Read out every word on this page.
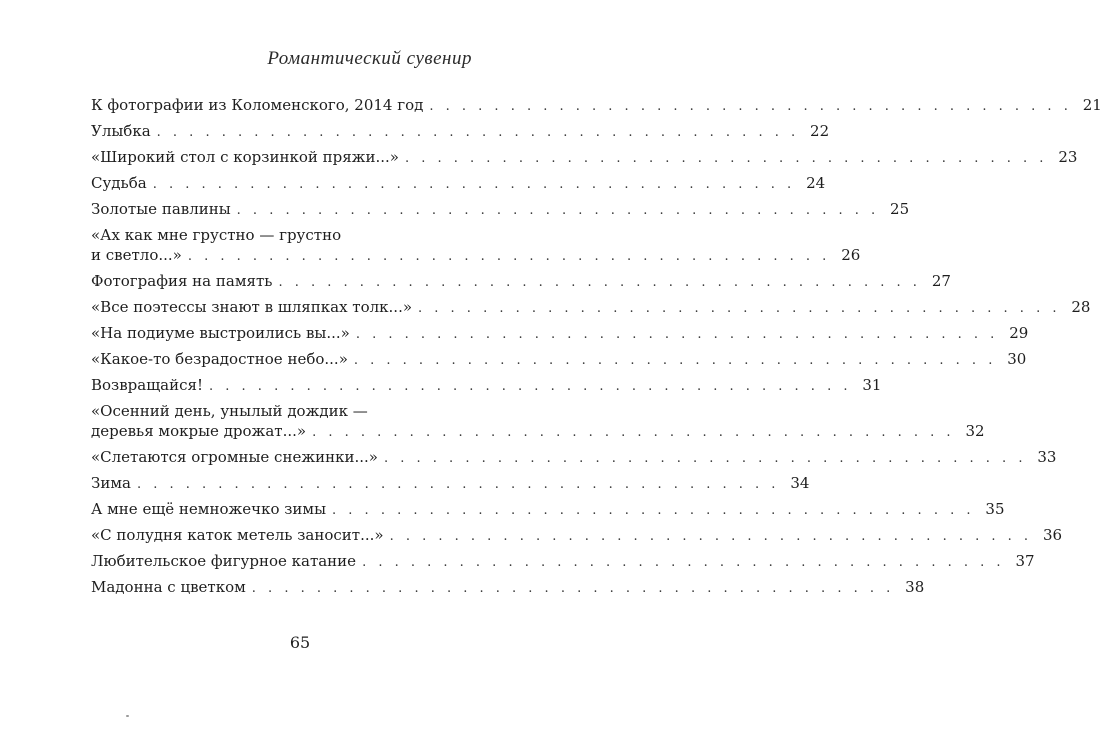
Романтический сувенир
К фотографии из Коломенского, 2014 год . . . . . . . . . . . . . . . . . . . . . . . . . . . . . . . . . . . . . . . . 21
Улыбка . . . . . . . . . . . . . . . . . . . . . . . . . . . . . . . . . . . . . . . . 22
«Широкий стол с корзинкой пряжи...» . . . . . . . . . . . . . . . . . . . . . . . . . . . . . . . . . . . . . . . . 23
Судьба . . . . . . . . . . . . . . . . . . . . . . . . . . . . . . . . . . . . . . . . 24
Золотые павлины . . . . . . . . . . . . . . . . . . . . . . . . . . . . . . . . . . . . . . . . 25
«Ах как мне грустно — грустно
и светло...» . . . . . . . . . . . . . . . . . . . . . . . . . . . . . . . . . . . . . . . . 26
Фотография на память . . . . . . . . . . . . . . . . . . . . . . . . . . . . . . . . . . . . . . . . 27
«Все поэтессы знают в шляпках толк...» . . . . . . . . . . . . . . . . . . . . . . . . . . . . . . . . . . . . . . . . 28
«На подиуме выстроились вы...» . . . . . . . . . . . . . . . . . . . . . . . . . . . . . . . . . . . . . . . . 29
«Какое-то безрадостное небо...» . . . . . . . . . . . . . . . . . . . . . . . . . . . . . . . . . . . . . . . . 30
Возвращайся! . . . . . . . . . . . . . . . . . . . . . . . . . . . . . . . . . . . . . . . . 31
«Осенний день, унылый дождик —
деревья мокрые дрожат...» . . . . . . . . . . . . . . . . . . . . . . . . . . . . . . . . . . . . . . . . 32
«Слетаются огромные снежинки...» . . . . . . . . . . . . . . . . . . . . . . . . . . . . . . . . . . . . . . . . 33
Зима . . . . . . . . . . . . . . . . . . . . . . . . . . . . . . . . . . . . . . . . 34
А мне ещё немножечко зимы . . . . . . . . . . . . . . . . . . . . . . . . . . . . . . . . . . . . . . . . 35
«С полудня каток метель заносит...» . . . . . . . . . . . . . . . . . . . . . . . . . . . . . . . . . . . . . . . . 36
Любительское фигурное катание . . . . . . . . . . . . . . . . . . . . . . . . . . . . . . . . . . . . . . . . 37
Мадонна с цветком . . . . . . . . . . . . . . . . . . . . . . . . . . . . . . . . . . . . . . . . 38
65
